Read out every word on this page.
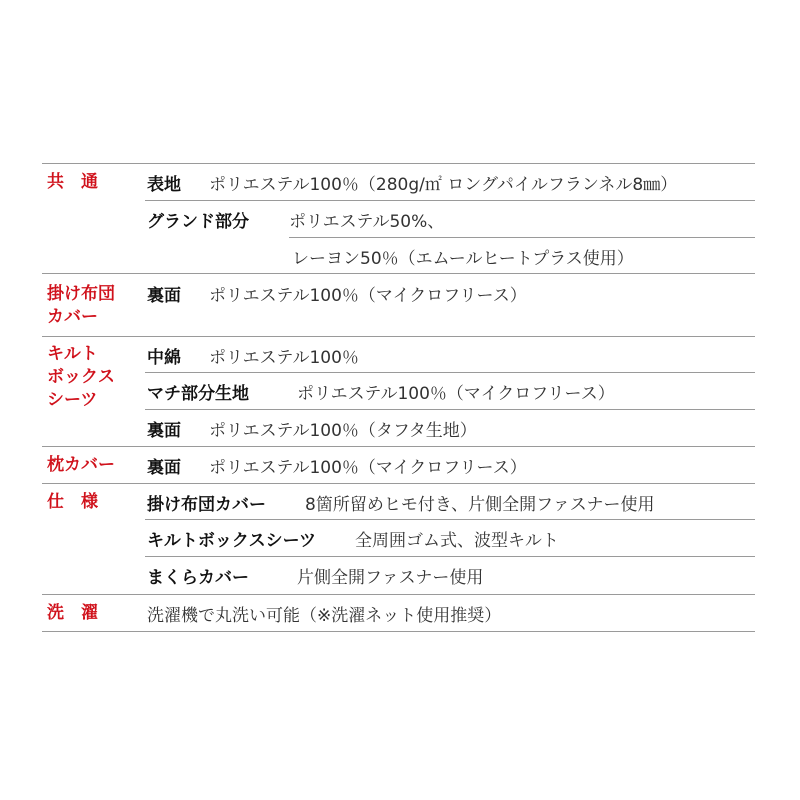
共　通	表地	ポリエステル100％（280g/㎡ ロングパイルフランネル8㎜）
グランド部分	ポリエステル50%、
レーヨン50％（エムールヒートプラス使用）
掛け布団
カバー
裏面	ポリエステル100％（マイクロフリース）
キルト
ボックス
シーツ
中綿	ポリエステル100％
マチ部分生地	ポリエステル100％（マイクロフリース）
裏面	ポリエステル100％（タフタ生地）
枕カバー 裏面	ポリエステル100％（マイクロフリース）
仕　様	掛け布団カバー	8箇所留めヒモ付き、片側全開ファスナー使用
キルトボックスシーツ	全周囲ゴム式、波型キルト
まくらカバー	片側全開ファスナー使用
洗　濯	洗濯機で丸洗い可能（※洗濯ネット使用推奨）
